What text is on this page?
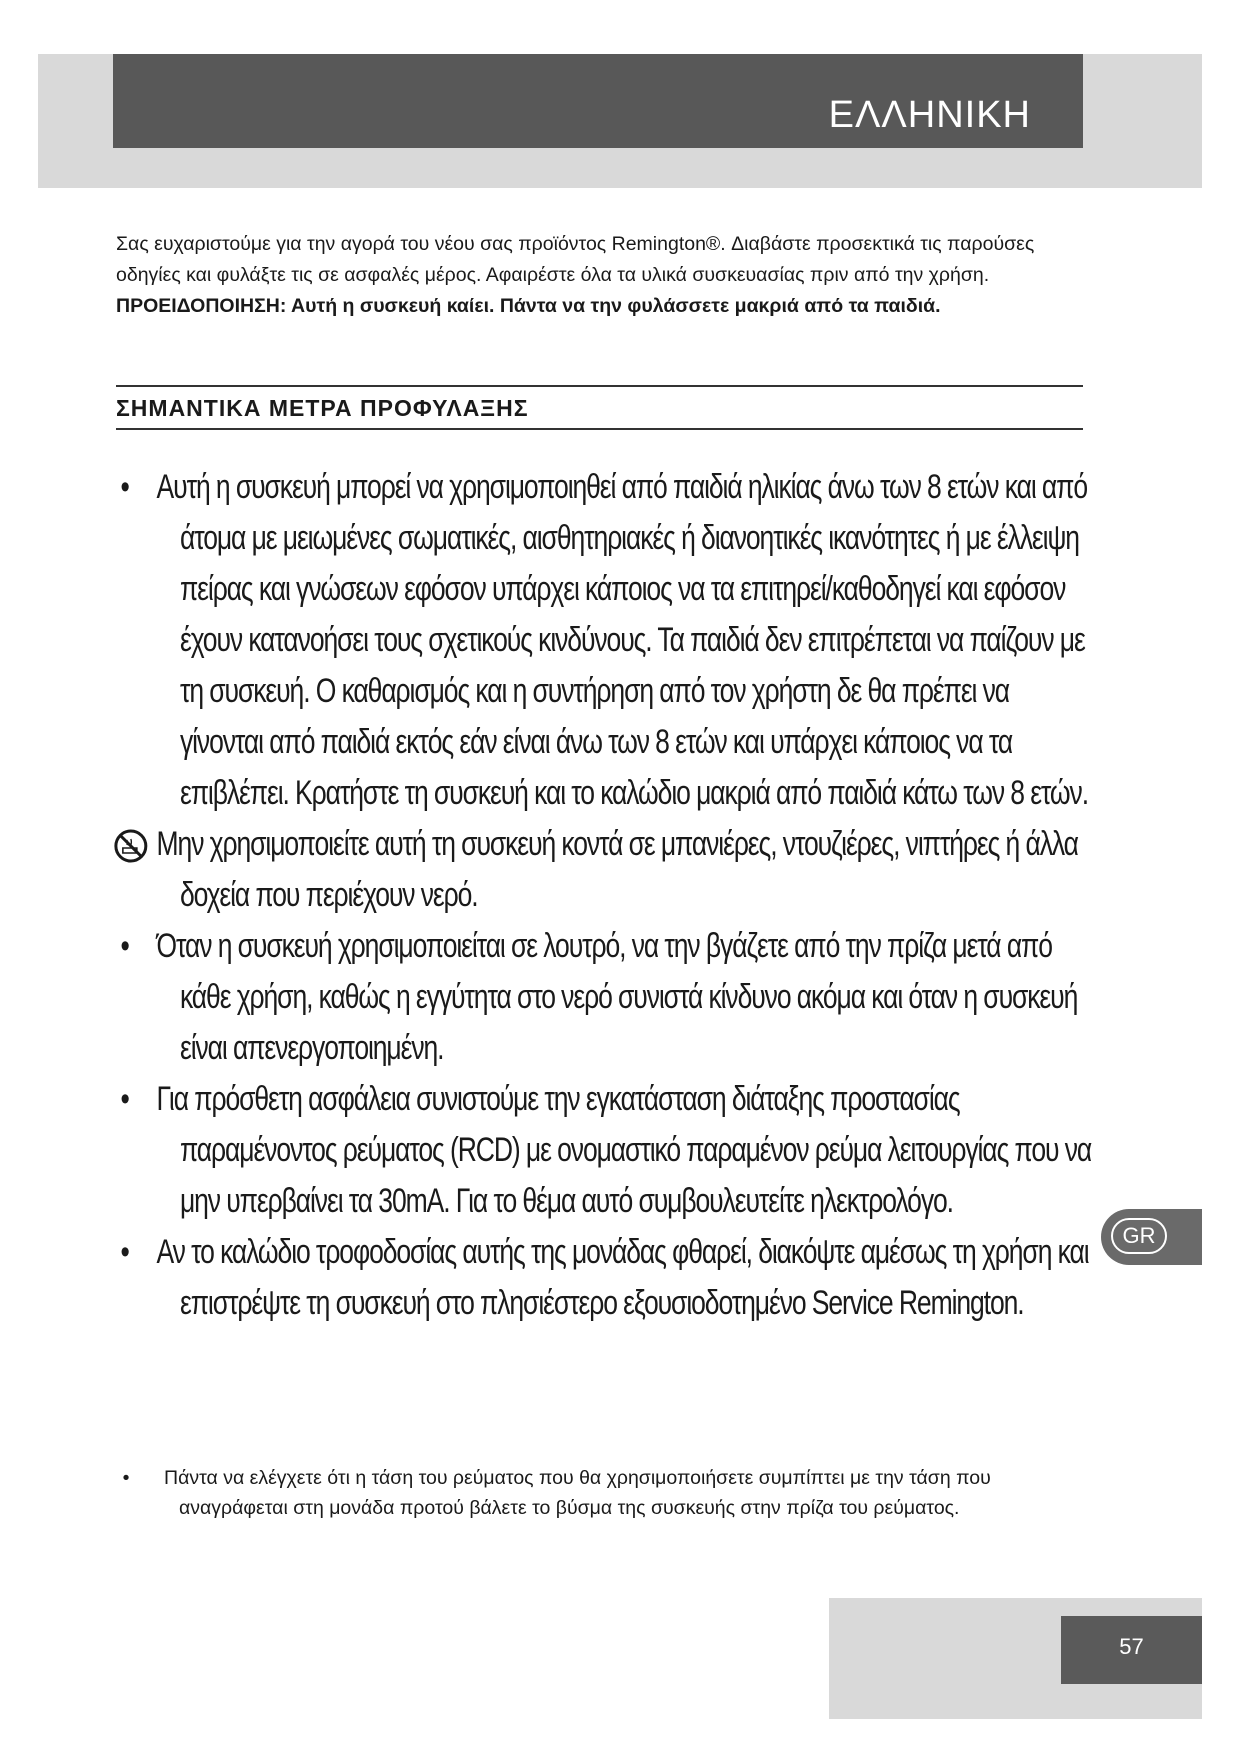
ΕΛΛΗΝΙΚΗ

Σας ευχαριστούμε για την αγορά του νέου σας προϊόντος Remington®. Διαβάστε προσεκτικά τις παρούσες οδηγίες και φυλάξτε τις σε ασφαλές μέρος. Αφαιρέστε όλα τα υλικά συσκευασίας πριν από την χρήση. ΠΡΟΕΙΔΟΠΟΙΗΣΗ: Αυτή η συσκευή καίει. Πάντα να την φυλάσσετε μακριά από τα παιδιά.

ΣΗΜΑΝΤΙΚΑ ΜΕΤΡΑ ΠΡΟΦΥΛΑΞΗΣ
• Αυτή η συσκευή μπορεί να χρησιμοποιηθεί από παιδιά ηλικίας άνω των 8 ετών και από άτομα με μειωμένες σωματικές, αισθητηριακές ή διανοητικές ικανότητες ή με έλλειψη πείρας και γνώσεων εφόσον υπάρχει κάποιος να τα επιτηρεί/καθοδηγεί και εφόσον έχουν κατανοήσει τους σχετικούς κινδύνους. Τα παιδιά δεν επιτρέπεται να παίζουν με τη συσκευή. Ο καθαρισμός και η συντήρηση από τον χρήστη δε θα πρέπει να γίνονται από παιδιά εκτός εάν είναι άνω των 8 ετών και υπάρχει κάποιος να τα επιβλέπει. Κρατήστε τη συσκευή και το καλώδιο μακριά από παιδιά κάτω των 8 ετών.
Μην χρησιμοποιείτε αυτή τη συσκευή κοντά σε μπανιέρες, ντουζιέρες, νιπτήρες ή άλλα δοχεία που περιέχουν νερό.
• Όταν η συσκευή χρησιμοποιείται σε λουτρό, να την βγάζετε από την πρίζα μετά από κάθε χρήση, καθώς η εγγύτητα στο νερό συνιστά κίνδυνο ακόμα και όταν η συσκευή είναι απενεργοποιημένη.
• Για πρόσθετη ασφάλεια συνιστούμε την εγκατάσταση διάταξης προστασίας παραμένοντος ρεύματος (RCD) με ονομαστικό παραμένον ρεύμα λειτουργίας που να μην υπερβαίνει τα 30mA. Για το θέμα αυτό συμβουλευτείτε ηλεκτρολόγο.
• Αν το καλώδιο τροφοδοσίας αυτής της μονάδας φθαρεί, διακόψτε αμέσως τη χρήση και επιστρέψτε τη συσκευή στο πλησιέστερο εξουσιοδοτημένο Service Remington.

•	Πάντα να ελέγχετε ότι η τάση του ρεύματος που θα χρησιμοποιήσετε συμπίπτει με την τάση που αναγράφεται στη μονάδα προτού βάλετε το βύσμα της συσκευής στην πρίζα του ρεύματος.

GR
57
